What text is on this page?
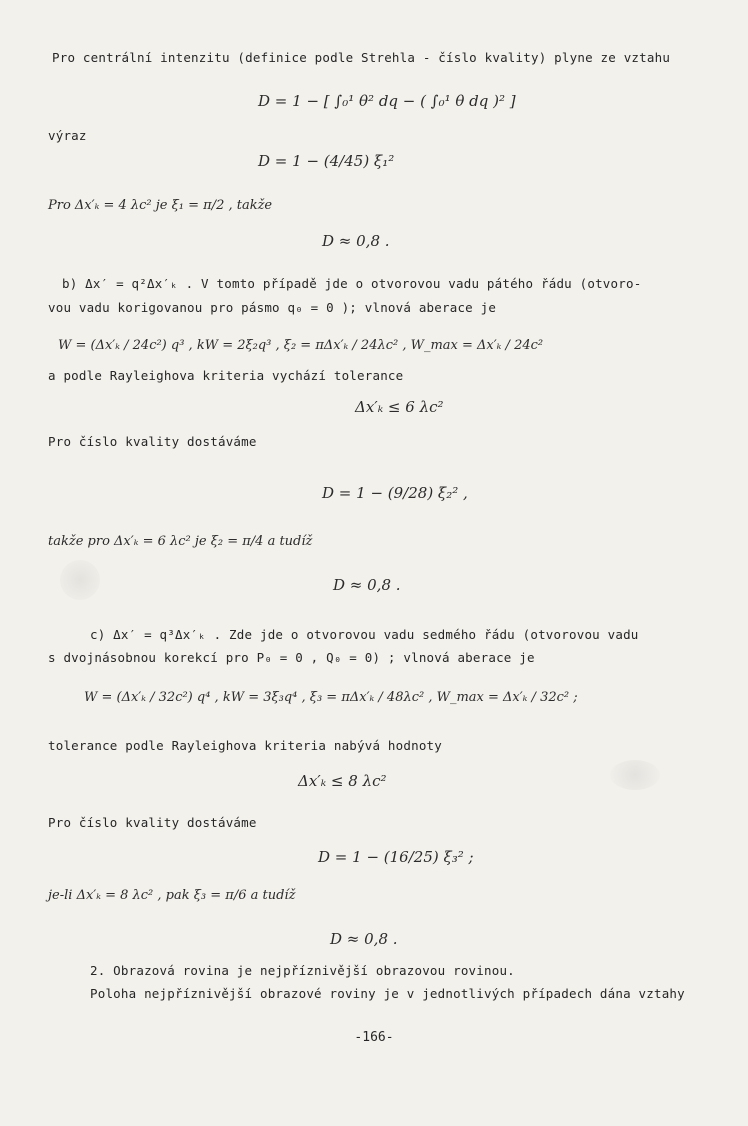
Pro centrální intenzitu (definice podle Strehla - číslo kvality) plyne ze vztahu
D = 1 − [ ∫₀¹ θ² dq − ( ∫₀¹ θ dq )² ]
výraz
D = 1 − (4/45) ξ₁²
Pro Δx′ₖ = 4 λc² je ξ₁ = π/2 , takže
D ≈ 0,8 .
b) Δx′ = q²Δx′ₖ . V tomto případě jde o otvorovou vadu pátého řádu (otvoro-
vou vadu korigovanou pro pásmo q₀ = 0 ); vlnová aberace je
W = (Δx′ₖ / 24c²) q³ , kW = 2ξ₂q³ , ξ₂ = πΔx′ₖ / 24λc² , W_max = Δx′ₖ / 24c²
a podle Rayleighova kriteria vychází tolerance
Δx′ₖ ≤ 6 λc²
Pro číslo kvality dostáváme
D = 1 − (9/28) ξ₂² ,
takže pro Δx′ₖ = 6 λc² je ξ₂ = π/4 a tudíž
D ≈ 0,8 .
c) Δx′ = q³Δx′ₖ . Zde jde o otvorovou vadu sedmého řádu (otvorovou vadu
s dvojnásobnou korekcí pro P₀ = 0 , Q₀ = 0) ; vlnová aberace je
W = (Δx′ₖ / 32c²) q⁴ , kW = 3ξ₃q⁴ , ξ₃ = πΔx′ₖ / 48λc² , W_max = Δx′ₖ / 32c² ;
tolerance podle Rayleighova kriteria nabývá hodnoty
Δx′ₖ ≤ 8 λc²
Pro číslo kvality dostáváme
D = 1 − (16/25) ξ₃² ;
je-li Δx′ₖ = 8 λc² , pak ξ₃ = π/6 a tudíž
D ≈ 0,8 .
2. Obrazová rovina je nejpříznivější obrazovou rovinou.
Poloha nejpříznivější obrazové roviny je v jednotlivých případech dána vztahy
-166-
